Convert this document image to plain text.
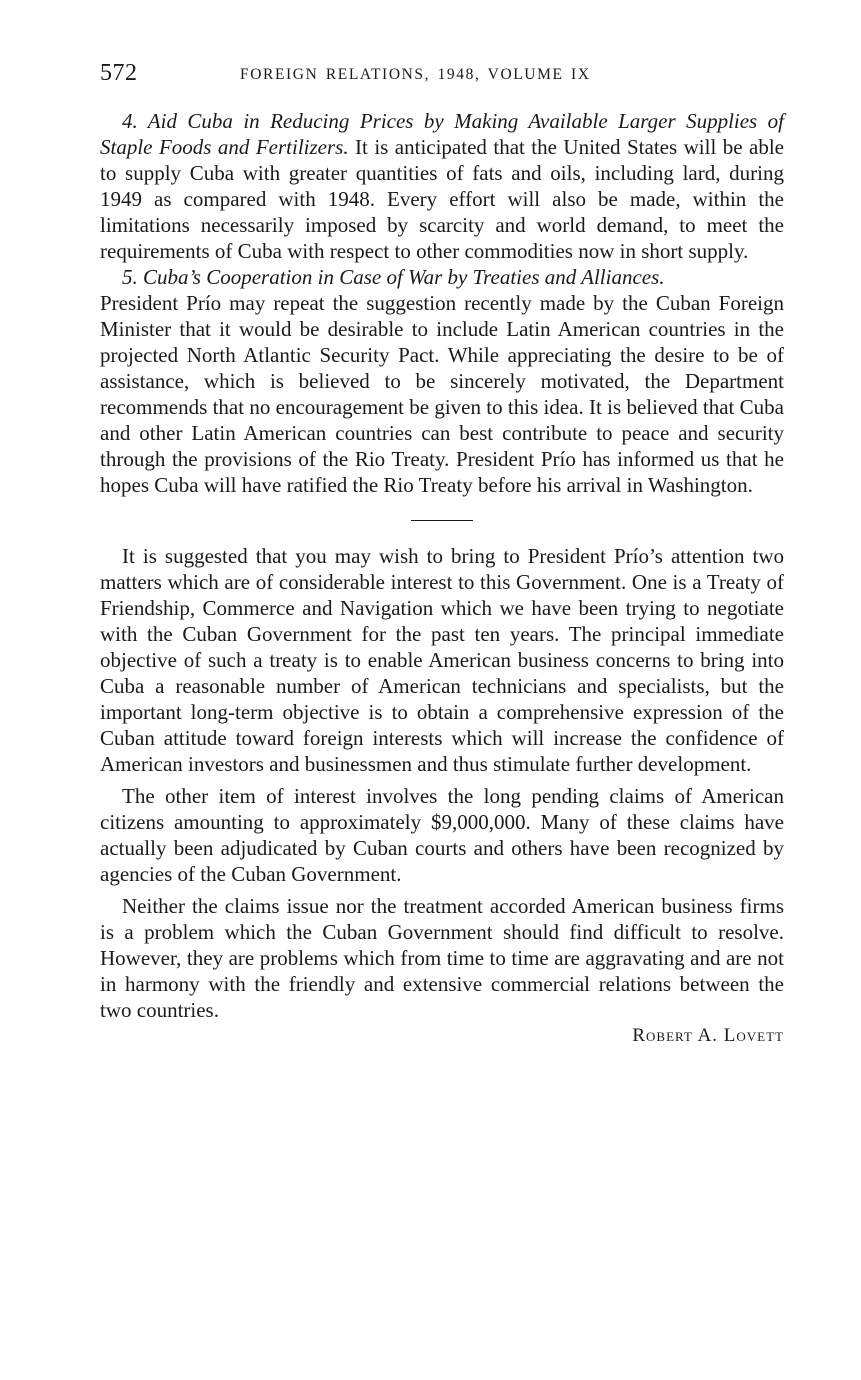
572	FOREIGN RELATIONS, 1948, VOLUME IX

4. Aid Cuba in Reducing Prices by Making Available Larger Supplies of Staple Foods and Fertilizers. It is anticipated that the United States will be able to supply Cuba with greater quantities of fats and oils, including lard, during 1949 as compared with 1948. Every effort will also be made, within the limitations necessarily imposed by scarcity and world demand, to meet the requirements of Cuba with respect to other commodities now in short supply.

5. Cuba’s Cooperation in Case of War by Treaties and Alliances.
President Prío may repeat the suggestion recently made by the Cuban Foreign Minister that it would be desirable to include Latin American countries in the projected North Atlantic Security Pact. While appreciating the desire to be of assistance, which is believed to be sincerely motivated, the Department recommends that no encouragement be given to this idea. It is believed that Cuba and other Latin American countries can best contribute to peace and security through the provisions of the Rio Treaty. President Prío has informed us that he hopes Cuba will have ratified the Rio Treaty before his arrival in Washington.

It is suggested that you may wish to bring to President Prío’s attention two matters which are of considerable interest to this Government. One is a Treaty of Friendship, Commerce and Navigation which we have been trying to negotiate with the Cuban Government for the past ten years. The principal immediate objective of such a treaty is to enable American business concerns to bring into Cuba a reasonable number of American technicians and specialists, but the important long-term objective is to obtain a comprehensive expression of the Cuban attitude toward foreign interests which will increase the confidence of American investors and businessmen and thus stimulate further development.

The other item of interest involves the long pending claims of American citizens amounting to approximately $9,000,000. Many of these claims have actually been adjudicated by Cuban courts and others have been recognized by agencies of the Cuban Government.

Neither the claims issue nor the treatment accorded American business firms is a problem which the Cuban Government should find difficult to resolve. However, they are problems which from time to time are aggravating and are not in harmony with the friendly and extensive commercial relations between the two countries.

Robert A. Lovett
